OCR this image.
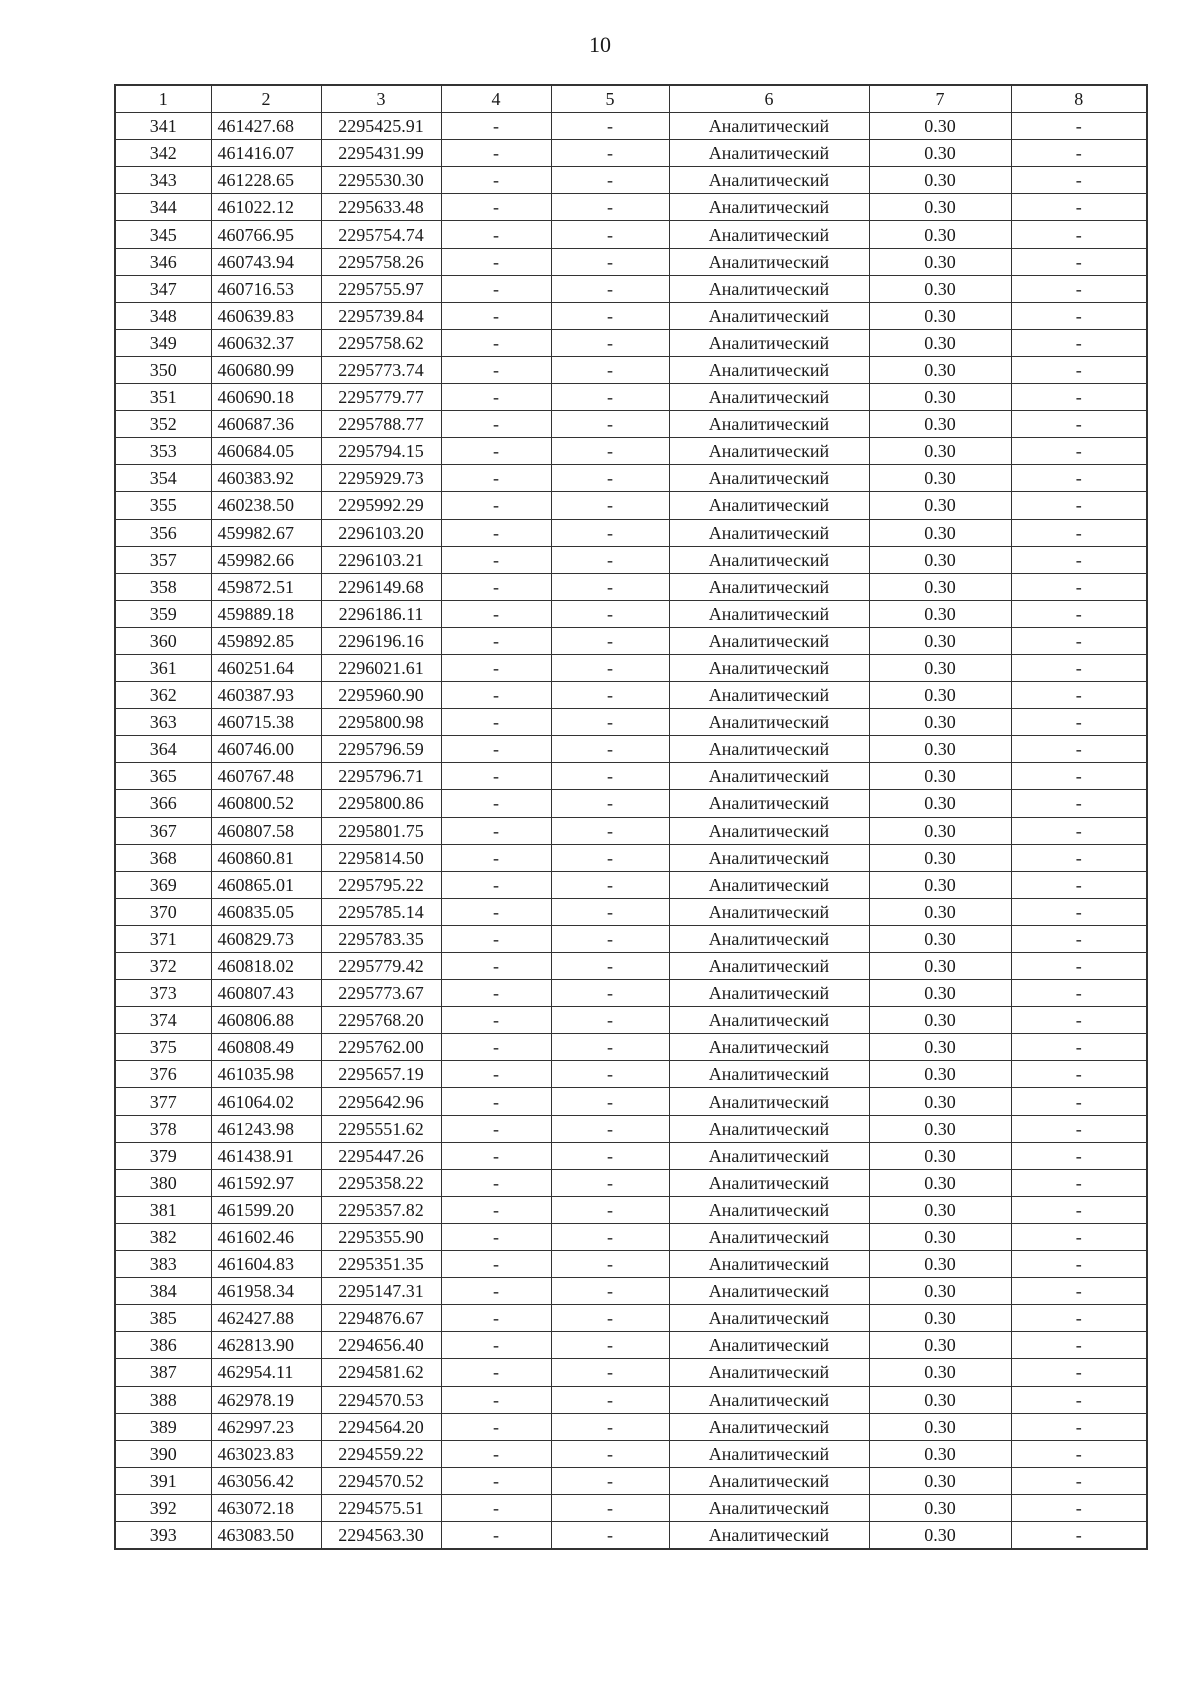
10
1	2	3	4	5	6	7	8
341	461427.68	2295425.91	-	-	Аналитический	0.30	-
342	461416.07	2295431.99	-	-	Аналитический	0.30	-
343	461228.65	2295530.30	-	-	Аналитический	0.30	-
344	461022.12	2295633.48	-	-	Аналитический	0.30	-
345	460766.95	2295754.74	-	-	Аналитический	0.30	-
346	460743.94	2295758.26	-	-	Аналитический	0.30	-
347	460716.53	2295755.97	-	-	Аналитический	0.30	-
348	460639.83	2295739.84	-	-	Аналитический	0.30	-
349	460632.37	2295758.62	-	-	Аналитический	0.30	-
350	460680.99	2295773.74	-	-	Аналитический	0.30	-
351	460690.18	2295779.77	-	-	Аналитический	0.30	-
352	460687.36	2295788.77	-	-	Аналитический	0.30	-
353	460684.05	2295794.15	-	-	Аналитический	0.30	-
354	460383.92	2295929.73	-	-	Аналитический	0.30	-
355	460238.50	2295992.29	-	-	Аналитический	0.30	-
356	459982.67	2296103.20	-	-	Аналитический	0.30	-
357	459982.66	2296103.21	-	-	Аналитический	0.30	-
358	459872.51	2296149.68	-	-	Аналитический	0.30	-
359	459889.18	2296186.11	-	-	Аналитический	0.30	-
360	459892.85	2296196.16	-	-	Аналитический	0.30	-
361	460251.64	2296021.61	-	-	Аналитический	0.30	-
362	460387.93	2295960.90	-	-	Аналитический	0.30	-
363	460715.38	2295800.98	-	-	Аналитический	0.30	-
364	460746.00	2295796.59	-	-	Аналитический	0.30	-
365	460767.48	2295796.71	-	-	Аналитический	0.30	-
366	460800.52	2295800.86	-	-	Аналитический	0.30	-
367	460807.58	2295801.75	-	-	Аналитический	0.30	-
368	460860.81	2295814.50	-	-	Аналитический	0.30	-
369	460865.01	2295795.22	-	-	Аналитический	0.30	-
370	460835.05	2295785.14	-	-	Аналитический	0.30	-
371	460829.73	2295783.35	-	-	Аналитический	0.30	-
372	460818.02	2295779.42	-	-	Аналитический	0.30	-
373	460807.43	2295773.67	-	-	Аналитический	0.30	-
374	460806.88	2295768.20	-	-	Аналитический	0.30	-
375	460808.49	2295762.00	-	-	Аналитический	0.30	-
376	461035.98	2295657.19	-	-	Аналитический	0.30	-
377	461064.02	2295642.96	-	-	Аналитический	0.30	-
378	461243.98	2295551.62	-	-	Аналитический	0.30	-
379	461438.91	2295447.26	-	-	Аналитический	0.30	-
380	461592.97	2295358.22	-	-	Аналитический	0.30	-
381	461599.20	2295357.82	-	-	Аналитический	0.30	-
382	461602.46	2295355.90	-	-	Аналитический	0.30	-
383	461604.83	2295351.35	-	-	Аналитический	0.30	-
384	461958.34	2295147.31	-	-	Аналитический	0.30	-
385	462427.88	2294876.67	-	-	Аналитический	0.30	-
386	462813.90	2294656.40	-	-	Аналитический	0.30	-
387	462954.11	2294581.62	-	-	Аналитический	0.30	-
388	462978.19	2294570.53	-	-	Аналитический	0.30	-
389	462997.23	2294564.20	-	-	Аналитический	0.30	-
390	463023.83	2294559.22	-	-	Аналитический	0.30	-
391	463056.42	2294570.52	-	-	Аналитический	0.30	-
392	463072.18	2294575.51	-	-	Аналитический	0.30	-
393	463083.50	2294563.30	-	-	Аналитический	0.30	-
